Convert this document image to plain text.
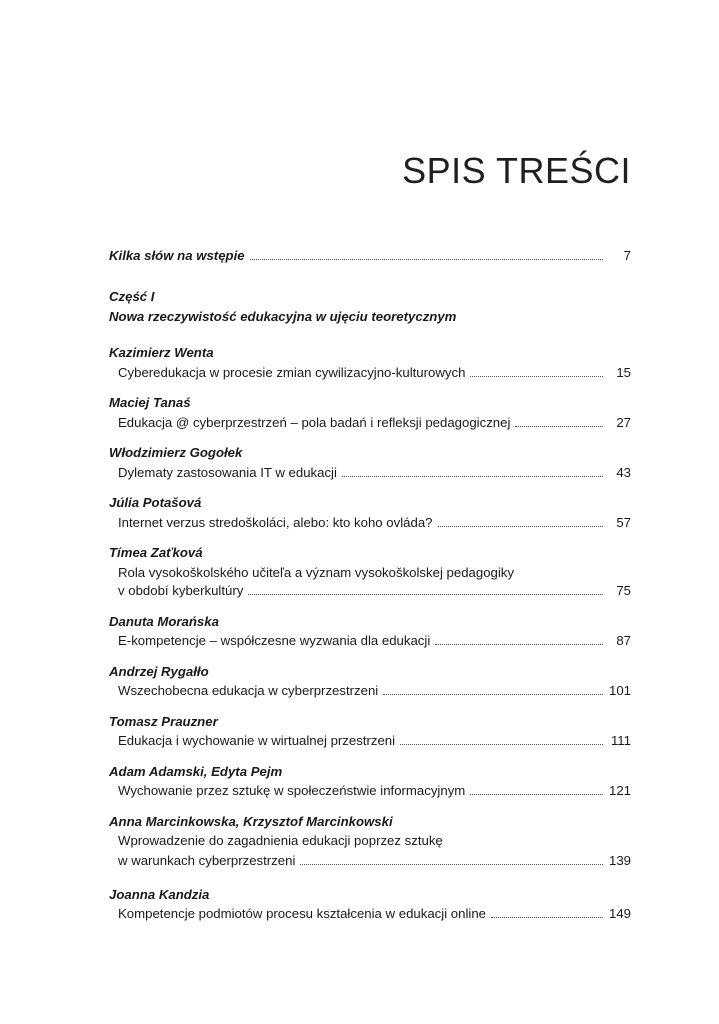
SPIS TREŚCI
Kilka słów na wstępie	7
Część I
Nowa rzeczywistość edukacyjna w ujęciu teoretycznym
Kazimierz Wenta
Cyberedukacja w procesie zmian cywilizacyjno-kulturowych	15
Maciej Tanaś
Edukacja @ cyberprzestrzeń – pola badań i refleksji pedagogicznej	27
Włodzimierz Gogołek
Dylematy zastosowania IT w edukacji	43
Júlia Potašová
Internet verzus stredoškoláci, alebo: kto koho ovláda?	57
Tímea Zaťková
Rola vysokoškolského učiteľa a význam vysokoškolskej pedagogiky
v období kyberkultúry	75
Danuta Morańska
E-kompetencje – współczesne wyzwania dla edukacji	87
Andrzej Rygałło
Wszechobecna edukacja w cyberprzestrzeni	101
Tomasz Prauzner
Edukacja i wychowanie w wirtualnej przestrzeni	111
Adam Adamski, Edyta Pejm
Wychowanie przez sztukę w społeczeństwie informacyjnym	121
Anna Marcinkowska, Krzysztof Marcinkowski
Wprowadzenie do zagadnienia edukacji poprzez sztukę
w warunkach cyberprzestrzeni	139
Joanna Kandzia
Kompetencje podmiotów procesu kształcenia w edukacji online	149
